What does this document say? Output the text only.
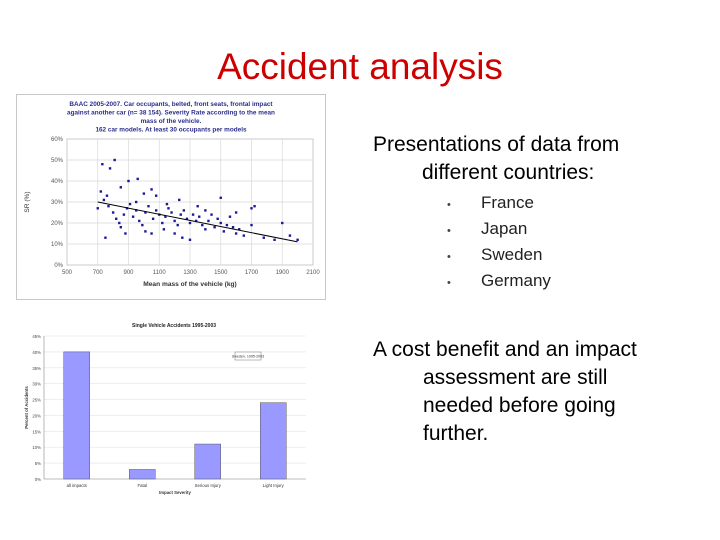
Accident analysis
BAAC 2005-2007. Car occupants, belted, front seats, frontal impact
against another car (n= 38 154). Severity Rate according to the mean
mass of the vehicle.
162 car models. At least 30 occupants per models
0%
10%
20%
30%
40%
50%
60%
500	700	900	1100	1300	1500	1700	1900	2100
Mean mass of the vehicle (kg)
SR (%)
Single Vehicle Accidents 1995-2003
0%
5%
10%
15%
20%
25%
30%
35%
40%
45%
all impacts	Fatal	Serious Injury	Light Injury
Impact Severity
Percent of Accidents
Sweden, 1995-2003
Presentations of data from

different countries:
• France
• Japan
• Sweden
• Germany
A cost benefit and an impact

assessment are still
needed before going
further.
